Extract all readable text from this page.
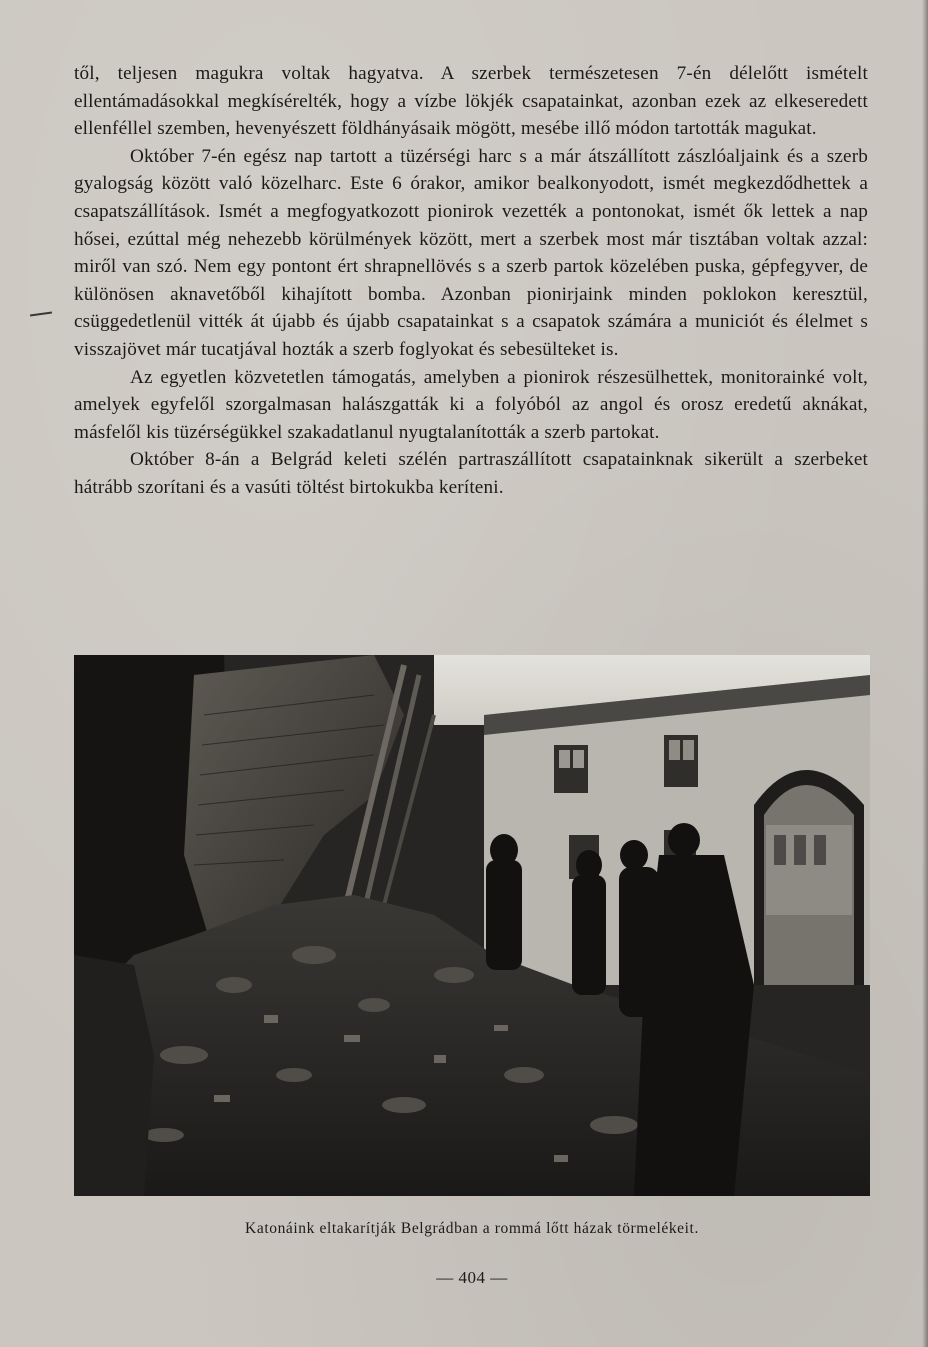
től, teljesen magukra voltak hagyatva. A szerbek természetesen 7-én délelőtt ismételt ellentámadásokkal megkísérelték, hogy a vízbe lökjék csapatainkat, azonban ezek az elkeseredett ellenféllel szemben, hevenyészett földhányásaik mögött, mesébe illő módon tartották magukat.

Október 7-én egész nap tartott a tüzérségi harc s a már átszállított zászlóaljaink és a szerb gyalogság között való közelharc. Este 6 órakor, amikor bealkonyodott, ismét megkezdődhettek a csapatszállítások. Ismét a megfogyatkozott pionirok vezették a pontonokat, ismét ők lettek a nap hősei, ezúttal még nehezebb körülmények között, mert a szerbek most már tisztában voltak azzal: miről van szó. Nem egy pontont ért shrapnellövés s a szerb partok közelében puska, gépfegyver, de különösen aknavetőből kihajított bomba. Azonban pionirjaink minden poklokon keresztül, csüggedetlenül vitték át újabb és újabb csapatainkat s a csapatok számára a municiót és élelmet s visszajövet már tucatjával hozták a szerb foglyokat és sebesülteket is.

Az egyetlen közvetetlen támogatás, amelyben a pionirok részesülhettek, monitorainké volt, amelyek egyfelől szorgalmasan halászgatták ki a folyóból az angol és orosz eredetű aknákat, másfelől kis tüzérségükkel szakadatlanul nyugtalanították a szerb partokat.

Október 8-án a Belgrád keleti szélén partraszállított csapatainknak sikerült a szerbeket hátrább szorítani és a vasúti töltést birtokukba keríteni.

Katonáink eltakarítják Belgrádban a rommá lőtt házak törmelékeit.
— 404 —
